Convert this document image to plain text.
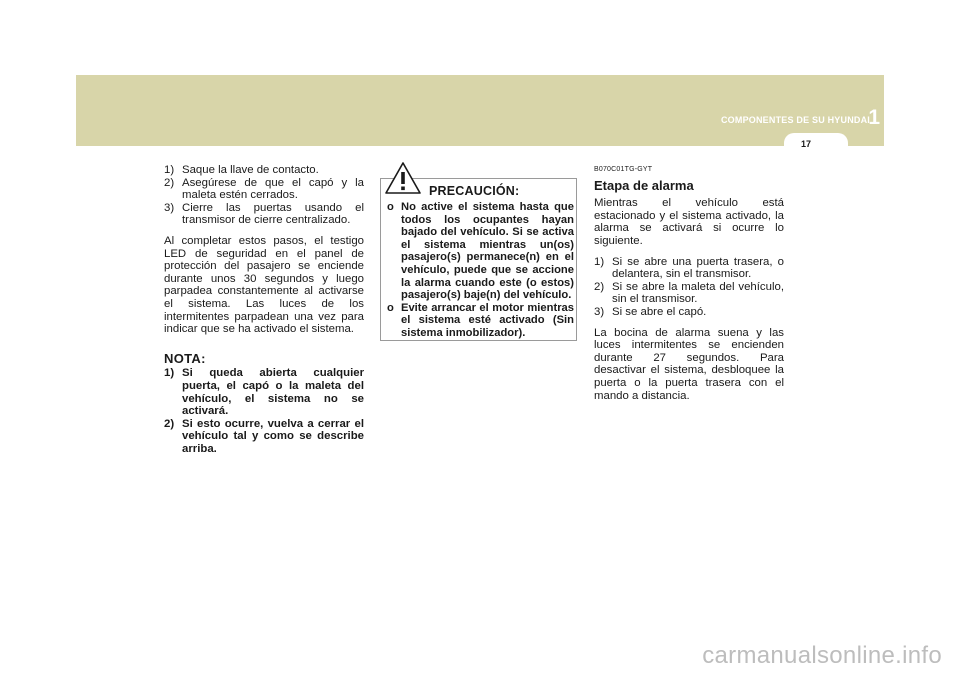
COMPONENTES DE SU HYUNDAI
1
17
1) Saque la llave de contacto.
2) Asegúrese de que el capó y la maleta estén cerrados.
3) Cierre las puertas usando el transmisor de cierre centralizado.

Al completar estos pasos, el testigo LED de seguridad en el panel de protección del pasajero se enciende durante unos 30 segundos y luego parpadea constantemente al activarse el sistema. Las luces de los intermitentes parpadean una vez para indicar que se ha activado el sistema.

NOTA:
1) Si queda abierta cualquier puerta, el capó o la maleta del vehículo, el sistema no se activará.
2) Si esto ocurre, vuelva a cerrar el vehículo tal y como se describe arriba.
PRECAUCIÓN:
o No active el sistema hasta que todos los ocupantes hayan bajado del vehículo. Si se activa el sistema mientras un(os) pasajero(s) permanece(n) en el vehículo, puede que se accione la alarma cuando este (o estos) pasajero(s) baje(n) del vehículo.
o Evite arrancar el motor mientras el sistema esté activado (Sin sistema inmobilizador).
B070C01TG-GYT
Etapa de alarma

Mientras el vehículo está estacionado y el sistema activado, la alarma se activará si ocurre lo siguiente.

1) Si se abre una puerta trasera, o delantera, sin el transmisor.
2) Si se abre la maleta del vehículo, sin el transmisor.
3) Si se abre el capó.

La bocina de alarma suena y las luces intermitentes se encienden durante 27 segundos. Para desactivar el sistema, desbloquee la puerta o la puerta trasera con el mando a distancia.

carmanualsonline.info
